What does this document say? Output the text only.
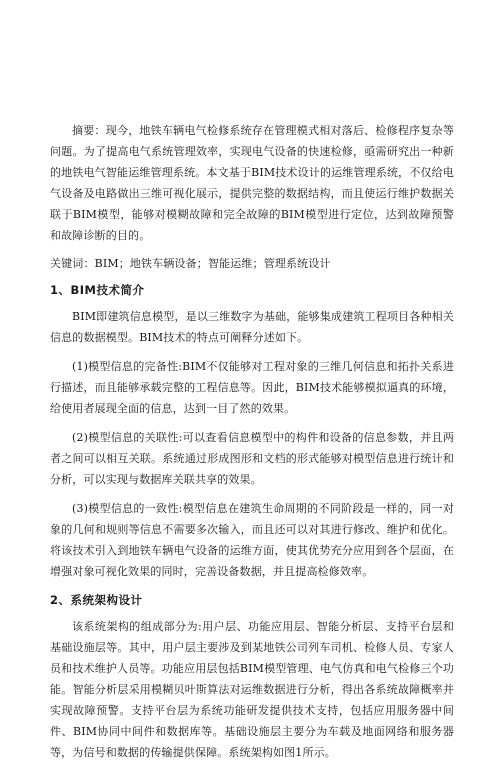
摘要：现今，地铁车辆电气检修系统存在管理模式相对落后、检修程序复杂等问题。为了提高电气系统管理效率，实现电气设备的快速检修，亟需研究出一种新的地铁电气智能运维管理系统。本文基于BIM技术设计的运维管理系统，不仅给电气设备及电路做出三维可视化展示，提供完整的数据结构，而且使运行维护数据关联于BIM模型，能够对模糊故障和完全故障的BIM模型进行定位，达到故障预警和故障诊断的目的。

关键词：BIM；地铁车辆设备；智能运维；管理系统设计

1、BIM技术简介

BIM即建筑信息模型，是以三维数字为基础，能够集成建筑工程项目各种相关信息的数据模型。BIM技术的特点可阐释分述如下。

(1)模型信息的完备性:BIM不仅能够对工程对象的三维几何信息和拓扑关系进行描述，而且能够承载完整的工程信息等。因此，BIM技术能够模拟逼真的环境，给使用者展现全面的信息，达到一目了然的效果。

(2)模型信息的关联性:可以查看信息模型中的构件和设备的信息参数，并且两者之间可以相互关联。系统通过形成图形和文档的形式能够对模型信息进行统计和分析，可以实现与数据库关联共享的效果。

(3)模型信息的一致性:模型信息在建筑生命周期的不同阶段是一样的，同一对象的几何和规则等信息不需要多次输入，而且还可以对其进行修改、维护和优化。将该技术引入到地铁车辆电气设备的运维方面，使其优势充分应用到各个层面，在增强对象可视化效果的同时，完善设备数据，并且提高检修效率。

2、系统架构设计

该系统架构的组成部分为:用户层、功能应用层、智能分析层、支持平台层和基础设施层等。其中，用户层主要涉及到某地铁公司列车司机、检修人员、专家人员和技术维护人员等。功能应用层包括BIM模型管理、电气仿真和电气检修三个功能。智能分析层采用模糊贝叶斯算法对运维数据进行分析，得出各系统故障概率并实现故障预警。支持平台层为系统功能研发提供技术支持，包括应用服务器中间件、BIM协同中间件和数据库等。基础设施层主要分为车载及地面网络和服务器等，为信号和数据的传输提供保障。系统架构如图1所示。
